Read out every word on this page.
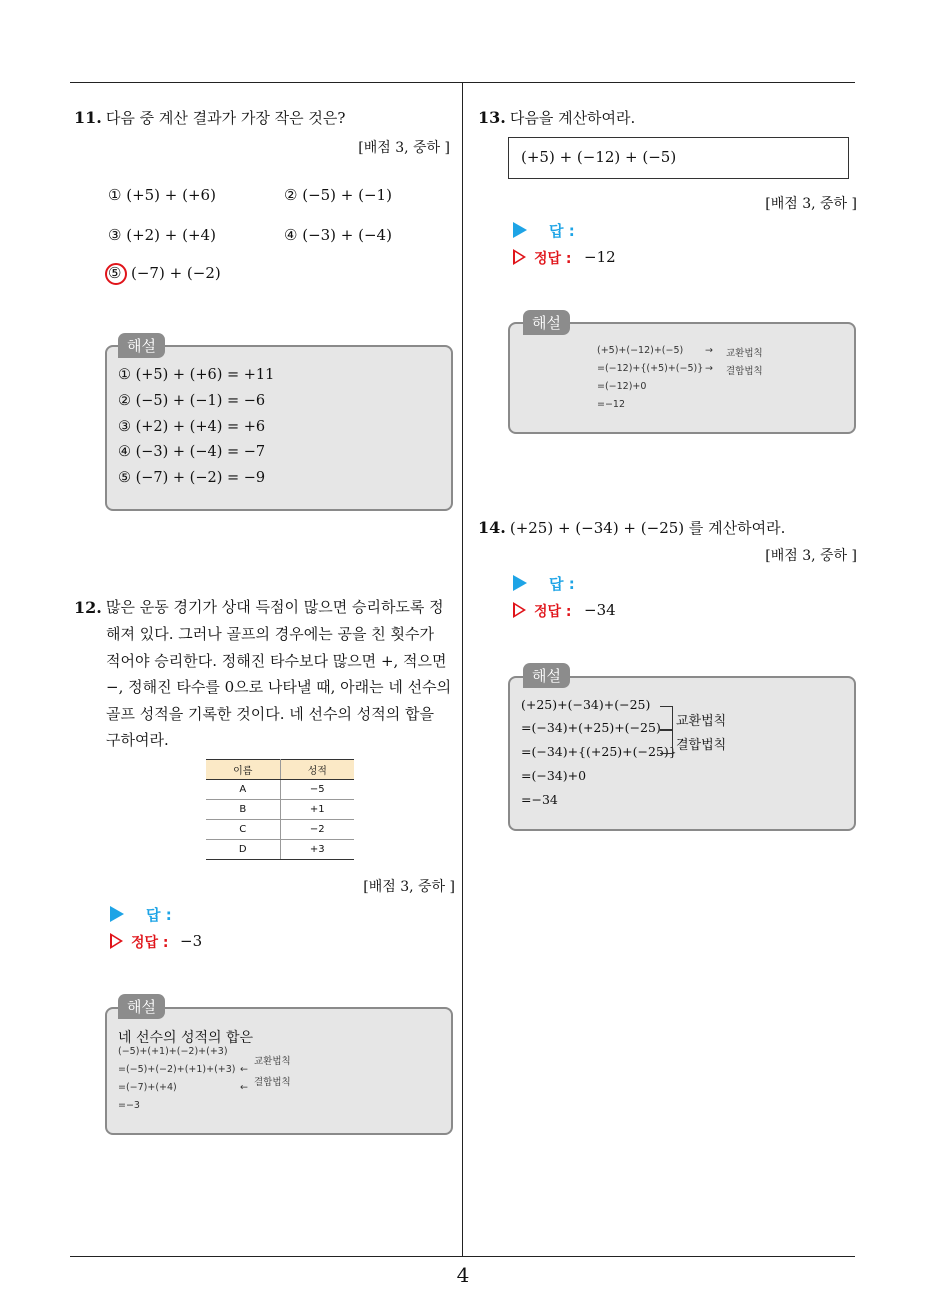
4
11. 다음 중 계산 결과가 가장 작은 것은?
[배점 3, 중하 ]
① (+5) + (+6)	② (−5) + (−1)
③ (+2) + (+4)	④ (−3) + (−4)
⑤ (−7) + (−2)
해설
① (+5) + (+6) = +11
② (−5) + (−1) = −6
③ (+2) + (+4) = +6
④ (−3) + (−4) = −7
⑤ (−7) + (−2) = −9
12. 많은 운동 경기가 상대 득점이 많으면 승리하도록 정
해져 있다. 그러나 골프의 경우에는 공을 친 횟수가
적어야 승리한다. 정해진 타수보다 많으면 +, 적으면
−, 정해진 타수를 0으로 나타낼 때, 아래는 네 선수의
골프 성적을 기록한 것이다. 네 선수의 성적의 합을
구하여라.
이름	성적
A	−5
B	+1
C	−2
D	+3
[배점 3, 중하 ]
답 :
정답 : −3
해설
네 선수의 성적의 합은
(−5)+(+1)+(−2)+(+3)
=(−5)+(−2)+(+1)+(+3)
=(−7)+(+4)
=−3
교환법칙
결합법칙
←
←
13. 다음을 계산하여라.
(+5) + (−12) + (−5)
[배점 3, 중하 ]
답 :
정답 : −12
해설
(+5)+(−12)+(−5)
=(−12)+{(+5)+(−5)}
=(−12)+0
=−12
→
→
교환법칙
결합법칙
14. (+25) + (−34) + (−25) 를 계산하여라.
[배점 3, 중하 ]
답 :
정답 : −34
해설
(+25)+(−34)+(−25)
=(−34)+(+25)+(−25)
=(−34)+{(+25)+(−25)}
=(−34)+0
=−34
교환법칙
결합법칙
